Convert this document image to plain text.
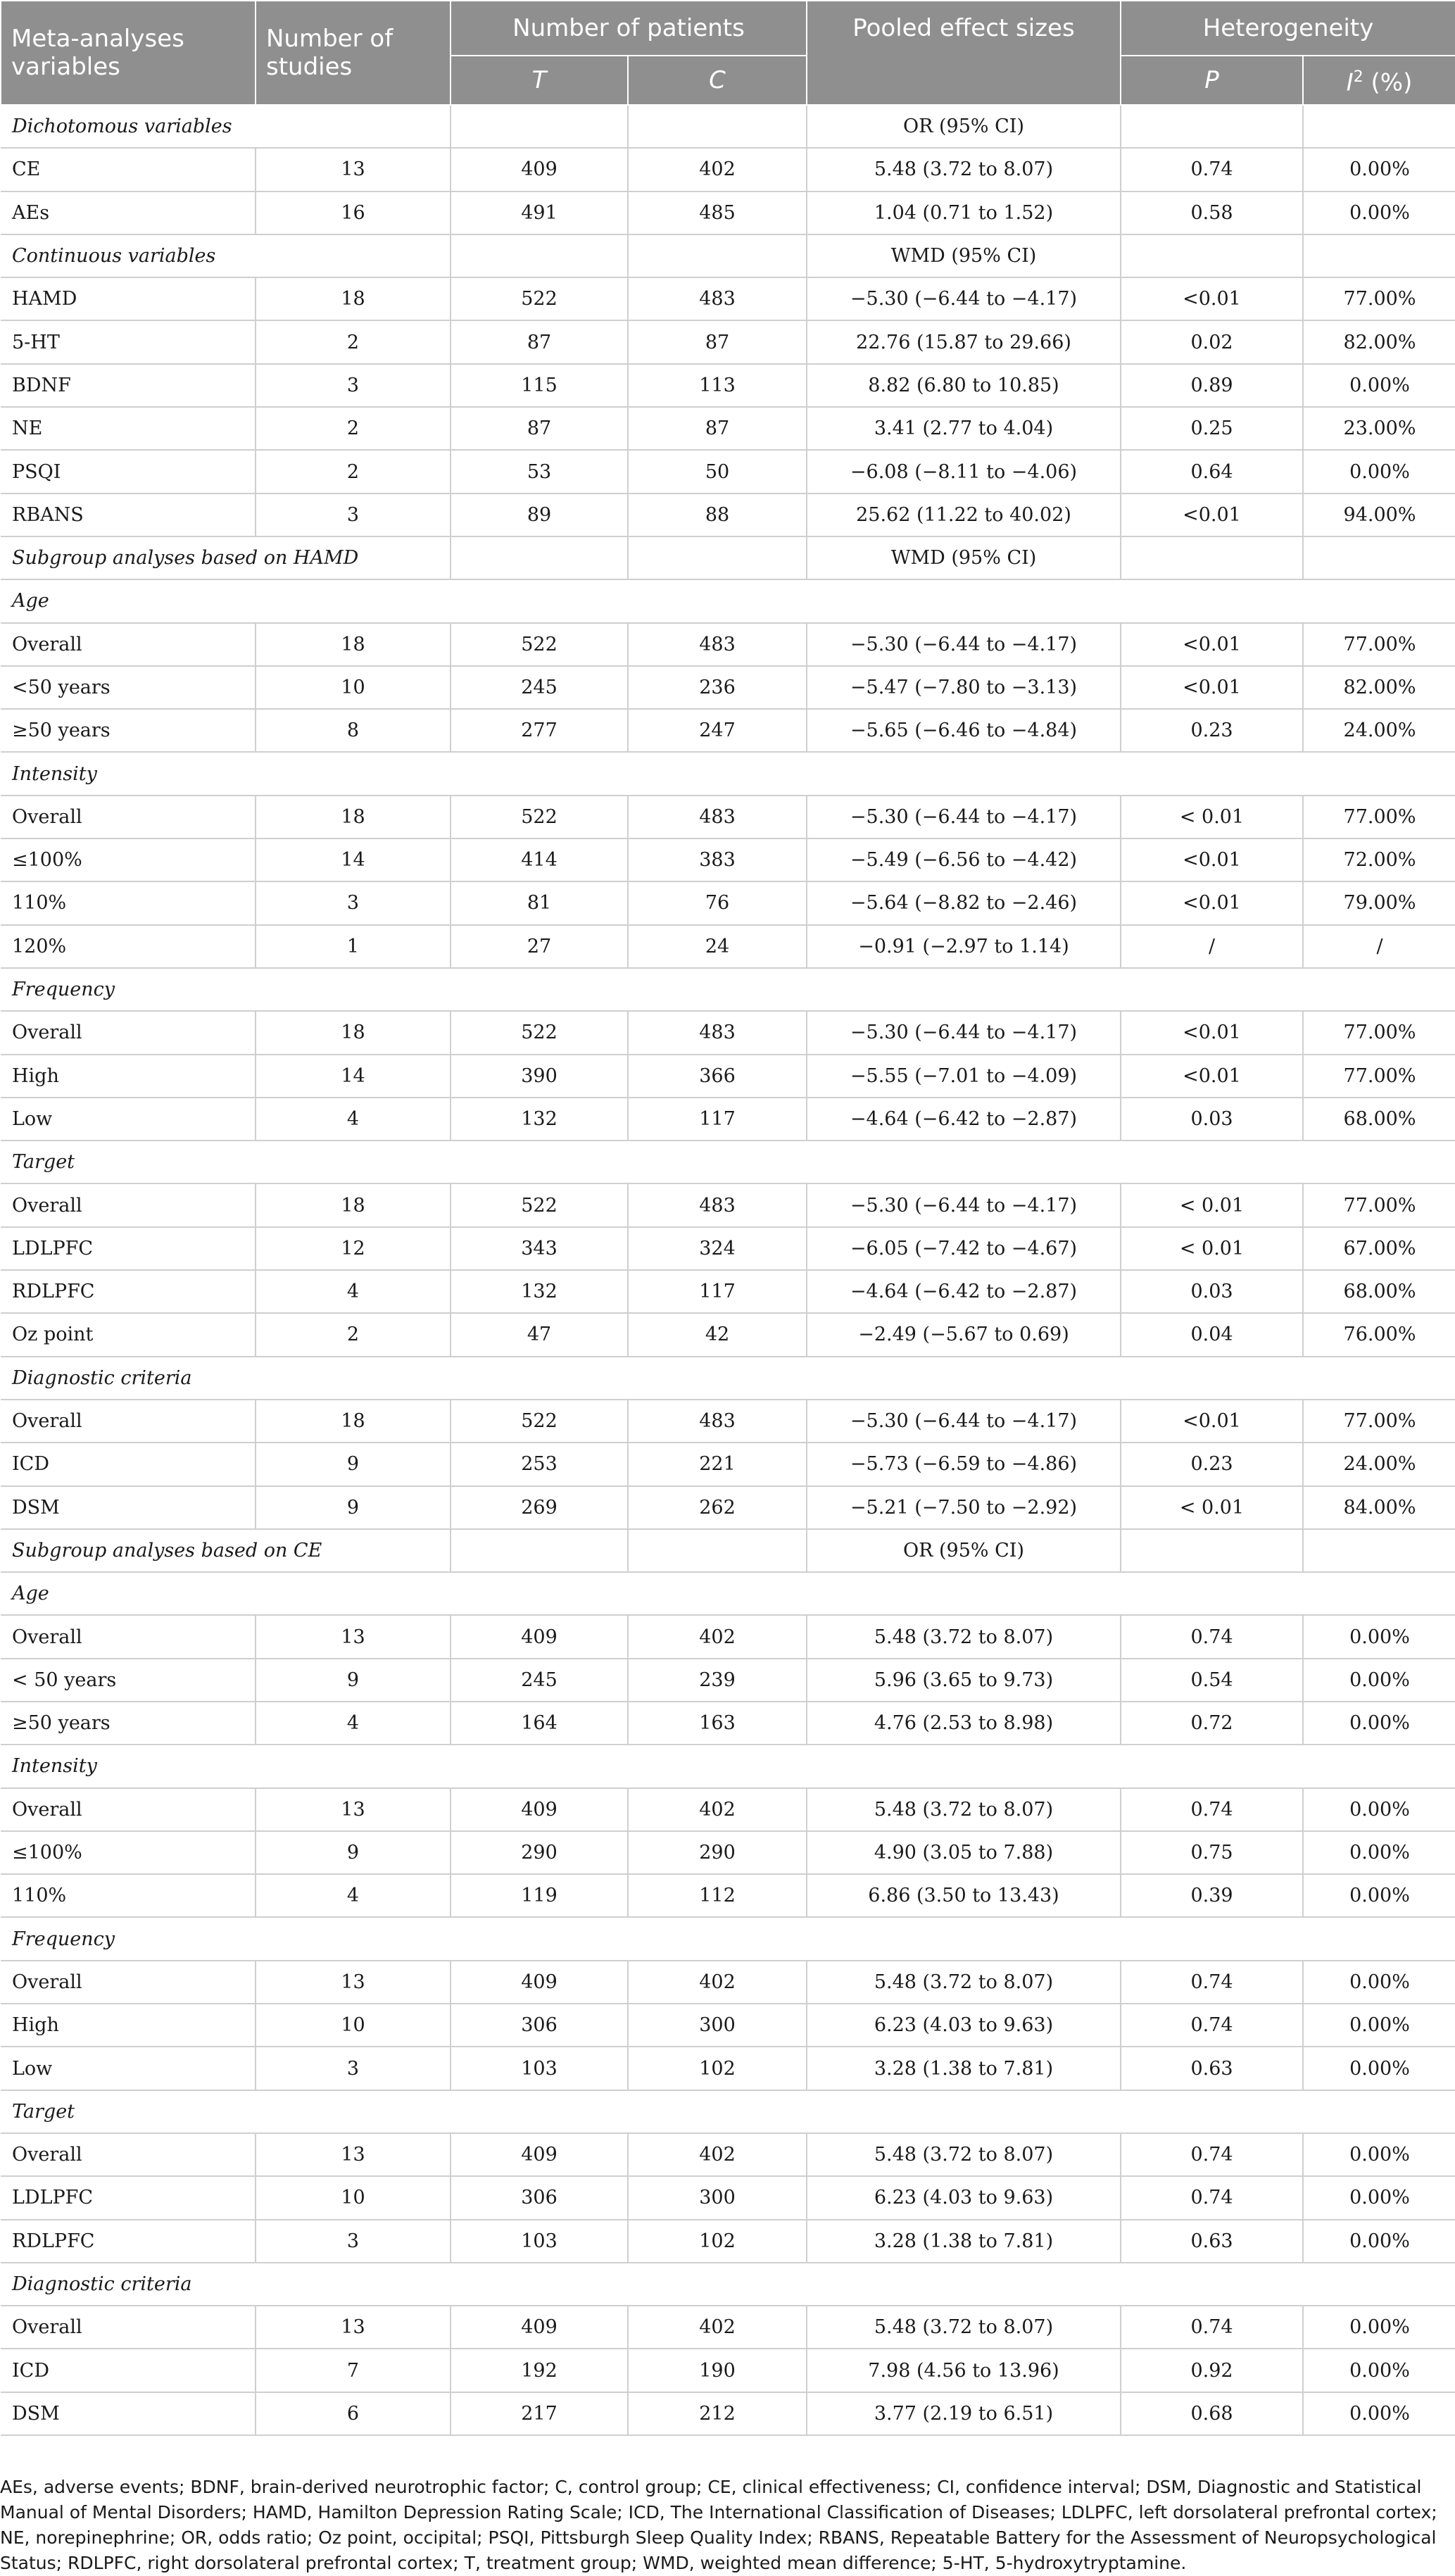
Meta-analyses variables	Number of studies	Number of patients		Pooled effect sizes	Heterogeneity	
		T	C		P	$I^2$ (%)
Dichotomous variables				OR (95% CI)		
CE	13	409	402	5.48 (3.72 to 8.07)	0.74	0.00%
AEs	16	491	485	1.04 (0.71 to 1.52)	0.58	0.00%
Continuous variables				WMD (95% CI)		
HAMD	18	522	483	−5.30 (−6.44 to −4.17)	<0.01	77.00%
5-HT	2	87	87	22.76 (15.87 to 29.66)	0.02	82.00%
BDNF	3	115	113	8.82 (6.80 to 10.85)	0.89	0.00%
NE	2	87	87	3.41 (2.77 to 4.04)	0.25	23.00%
PSQI	2	53	50	−6.08 (−8.11 to −4.06)	0.64	0.00%
RBANS	3	89	88	25.62 (11.22 to 40.02)	<0.01	94.00%
Subgroup analyses based on HAMD				WMD (95% CI)		
Age						
Overall	18	522	483	−5.30 (−6.44 to −4.17)	<0.01	77.00%
<50 years	10	245	236	−5.47 (−7.80 to −3.13)	<0.01	82.00%
≥50 years	8	277	247	−5.65 (−6.46 to −4.84)	0.23	24.00%
Intensity						
Overall	18	522	483	−5.30 (−6.44 to −4.17)	< 0.01	77.00%
≤100%	14	414	383	−5.49 (−6.56 to −4.42)	<0.01	72.00%
110%	3	81	76	−5.64 (−8.82 to −2.46)	<0.01	79.00%
120%	1	27	24	−0.91 (−2.97 to 1.14)	/	/
Frequency						
Overall	18	522	483	−5.30 (−6.44 to −4.17)	<0.01	77.00%
High	14	390	366	−5.55 (−7.01 to −4.09)	<0.01	77.00%
Low	4	132	117	−4.64 (−6.42 to −2.87)	0.03	68.00%
Target						
Overall	18	522	483	−5.30 (−6.44 to −4.17)	< 0.01	77.00%
LDLPFC	12	343	324	−6.05 (−7.42 to −4.67)	< 0.01	67.00%
RDLPFC	4	132	117	−4.64 (−6.42 to −2.87)	0.03	68.00%
Oz point	2	47	42	−2.49 (−5.67 to 0.69)	0.04	76.00%
Diagnostic criteria						
Overall	18	522	483	−5.30 (−6.44 to −4.17)	<0.01	77.00%
ICD	9	253	221	−5.73 (−6.59 to −4.86)	0.23	24.00%
DSM	9	269	262	−5.21 (−7.50 to −2.92)	< 0.01	84.00%
Subgroup analyses based on CE				OR (95% CI)		
Age						
Overall	13	409	402	5.48 (3.72 to 8.07)	0.74	0.00%
< 50 years	9	245	239	5.96 (3.65 to 9.73)	0.54	0.00%
≥50 years	4	164	163	4.76 (2.53 to 8.98)	0.72	0.00%
Intensity						
Overall	13	409	402	5.48 (3.72 to 8.07)	0.74	0.00%
≤100%	9	290	290	4.90 (3.05 to 7.88)	0.75	0.00%
110%	4	119	112	6.86 (3.50 to 13.43)	0.39	0.00%
Frequency						
Overall	13	409	402	5.48 (3.72 to 8.07)	0.74	0.00%
High	10	306	300	6.23 (4.03 to 9.63)	0.74	0.00%
Low	3	103	102	3.28 (1.38 to 7.81)	0.63	0.00%
Target						
Overall	13	409	402	5.48 (3.72 to 8.07)	0.74	0.00%
LDLPFC	10	306	300	6.23 (4.03 to 9.63)	0.74	0.00%
RDLPFC	3	103	102	3.28 (1.38 to 7.81)	0.63	0.00%
Diagnostic criteria						
Overall	13	409	402	5.48 (3.72 to 8.07)	0.74	0.00%
ICD	7	192	190	7.98 (4.56 to 13.96)	0.92	0.00%
DSM	6	217	212	3.77 (2.19 to 6.51)	0.68	0.00%

AEs, adverse events; BDNF, brain-derived neurotrophic factor; C, control group; CE, clinical effectiveness; CI, confidence interval; DSM, Diagnostic and Statistical Manual of Mental Disorders; HAMD, Hamilton Depression Rating Scale; ICD, The International Classification of Diseases; LDLPFC, left dorsolateral prefrontal cortex; NE, norepinephrine; OR, odds ratio; Oz point, occipital; PSQI, Pittsburgh Sleep Quality Index; RBANS, Repeatable Battery for the Assessment of Neuropsychological Status; RDLPFC, right dorsolateral prefrontal cortex; T, treatment group; WMD, weighted mean difference; 5-HT, 5-hydroxytryptamine.
